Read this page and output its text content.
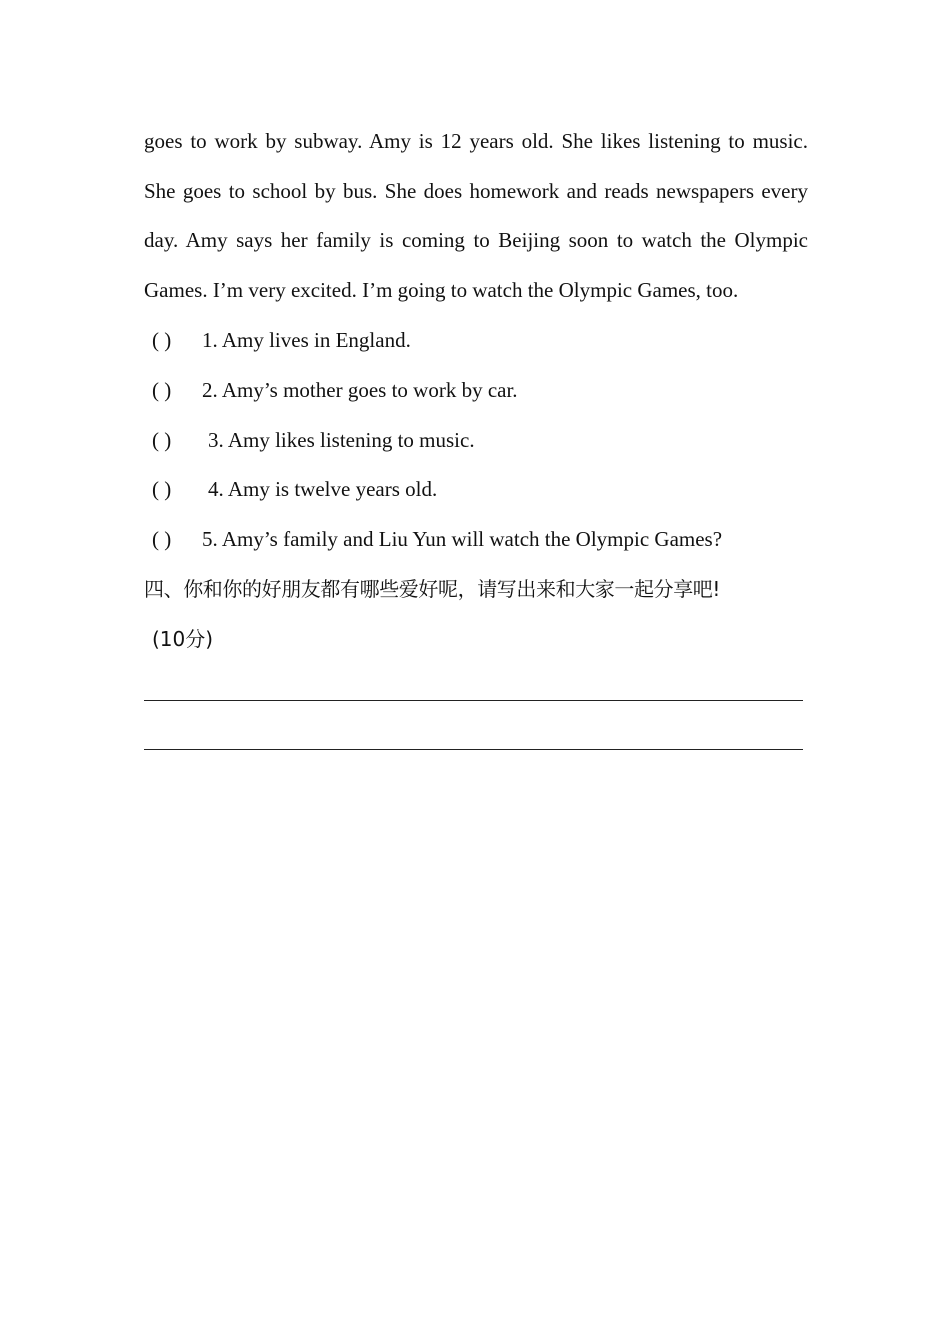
goes to work by subway. Amy is 12 years old. She likes listening to music.
She goes to school by bus. She does homework and reads newspapers every
day. Amy says her family is coming to Beijing soon to watch the Olympic
Games. I’m very excited. I’m going to watch the Olympic Games, too.
( ) 1. Amy lives in England.
( ) 2. Amy’s mother goes to work by car.
( ) 3. Amy likes listening to music.
( ) 4. Amy is twelve years old.
( ) 5. Amy’s family and Liu Yun will watch the Olympic Games?
四、你和你的好朋友都有哪些爱好呢，请写出来和大家一起分享吧!
(10分)
